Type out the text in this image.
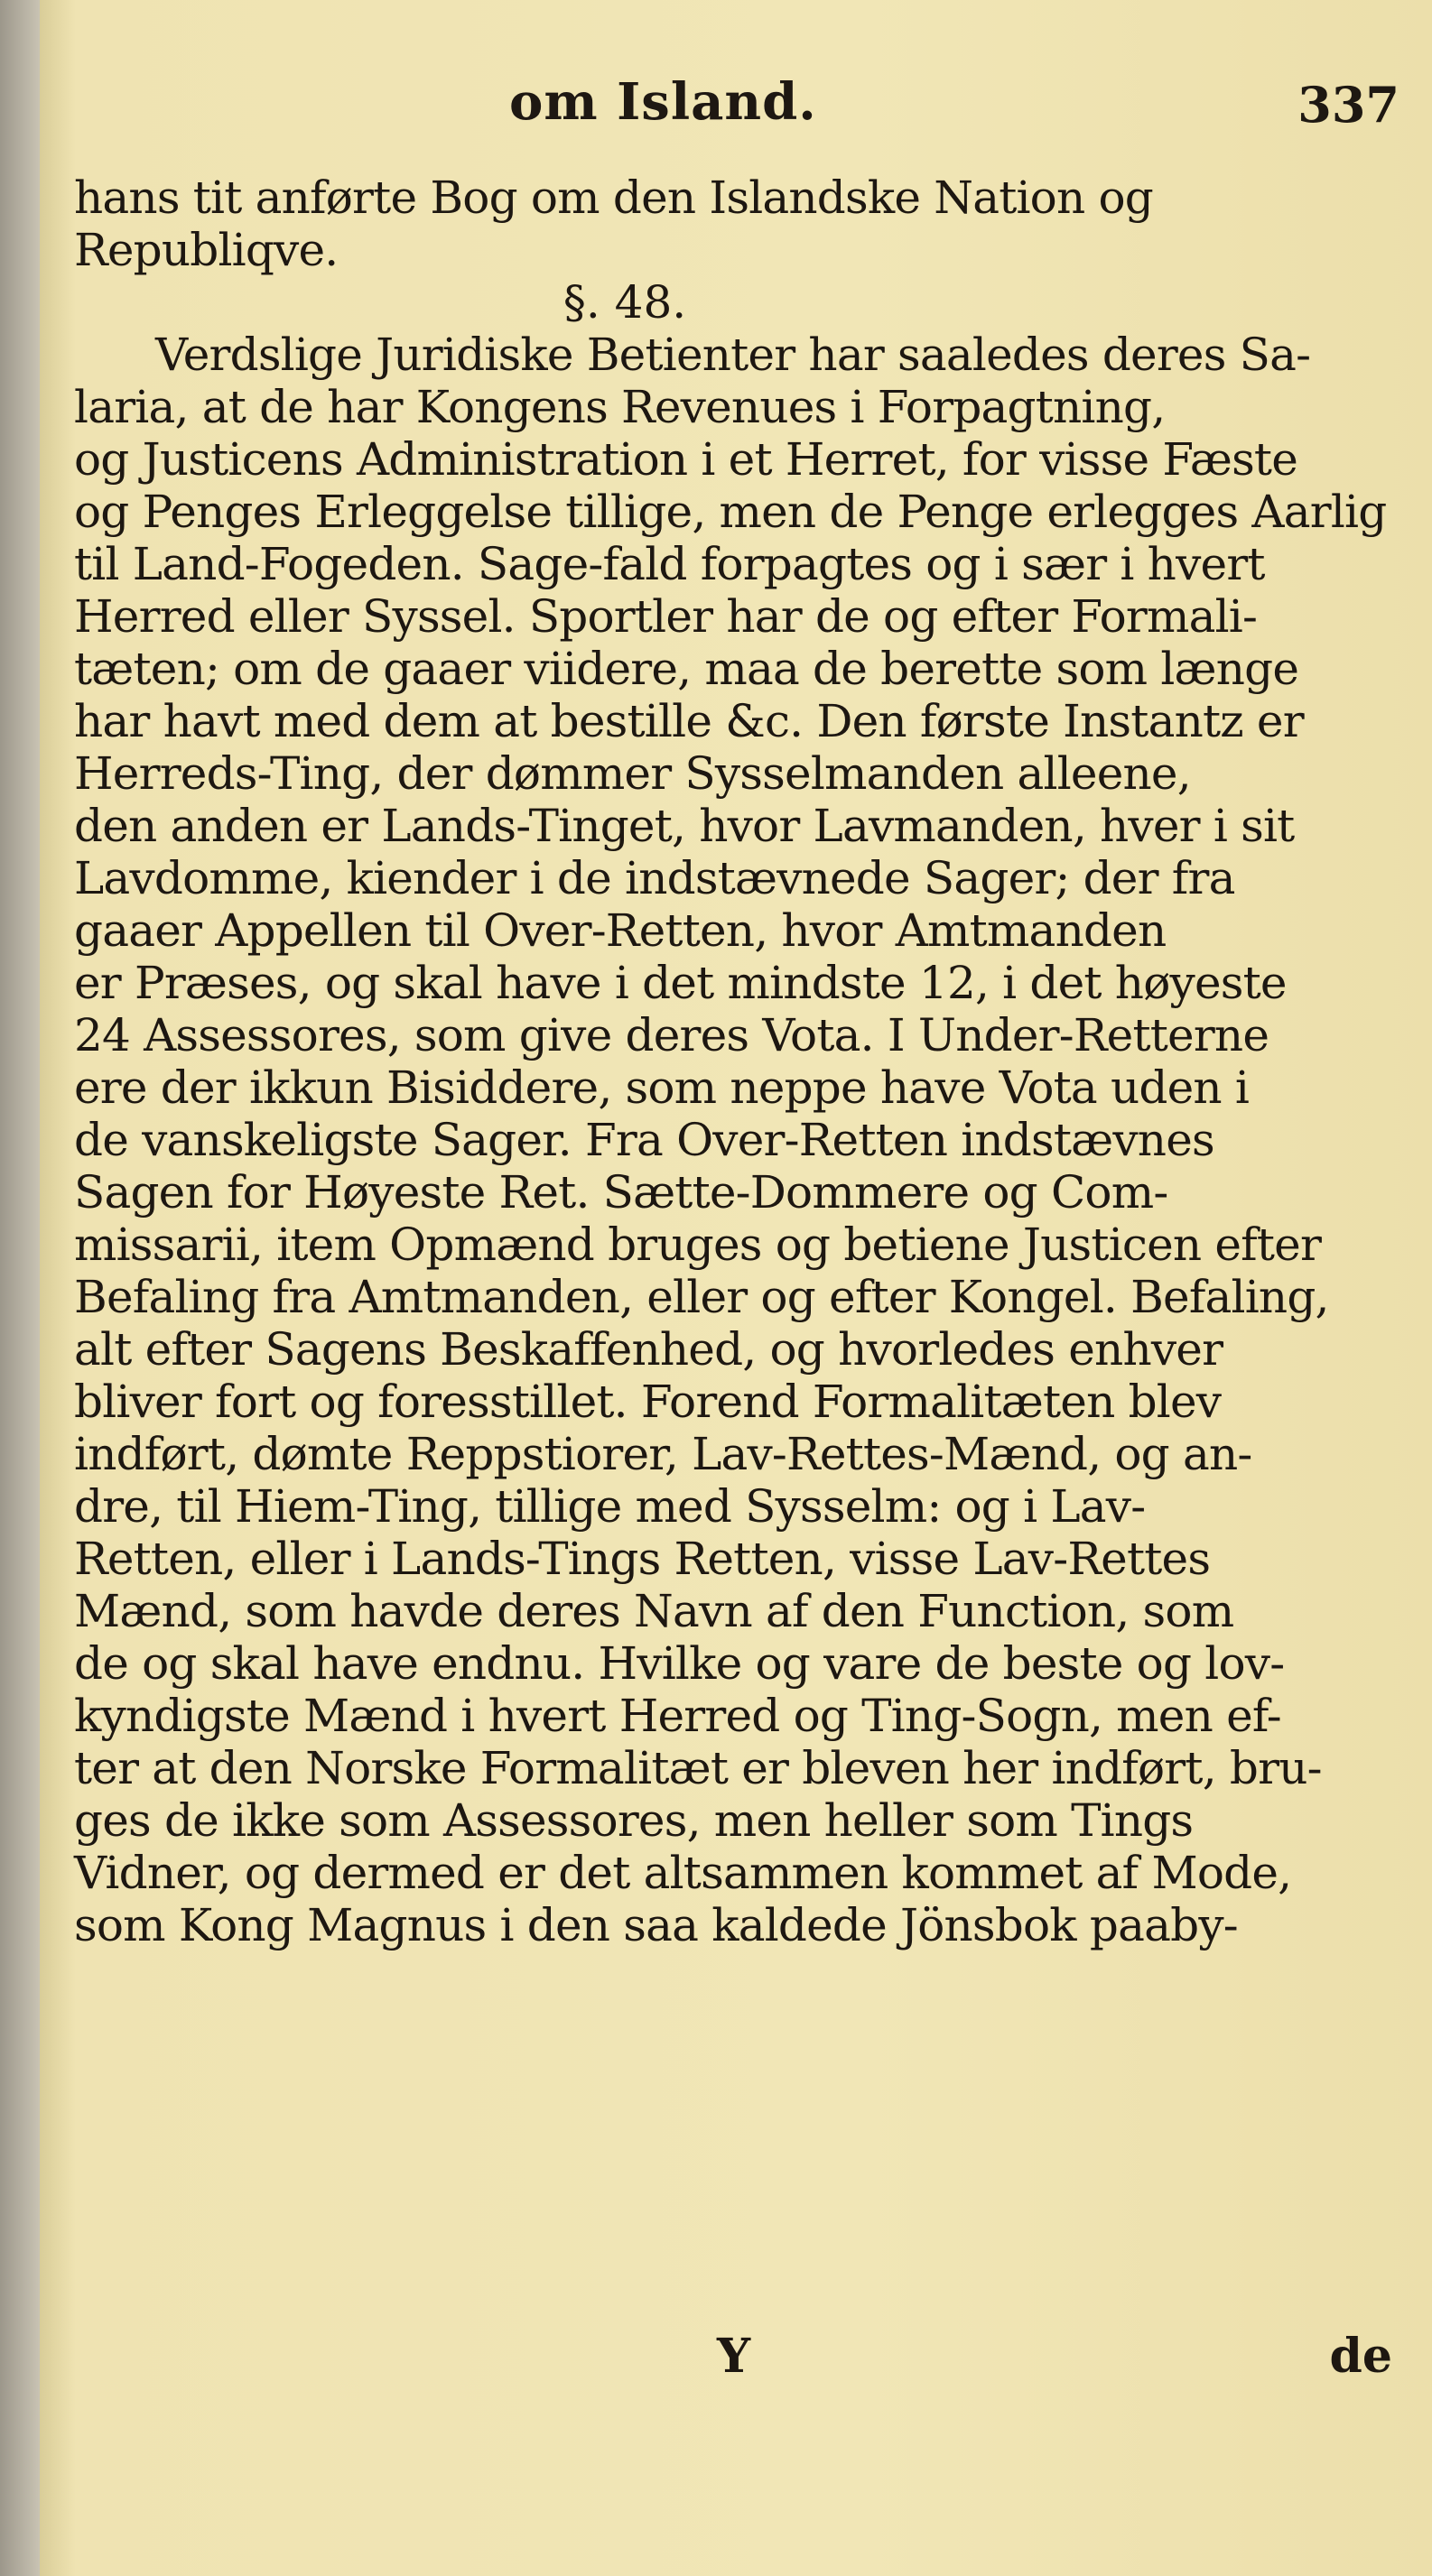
om Island.	337
hans tit anførte Bog om den Islandske Nation og
Republiqve.
§. 48.
Verdslige Juridiske Betienter har saaledes deres Sa-
laria, at de har Kongens Revenues i Forpagtning,
og Justicens Administration i et Herret, for visse Fæste
og Penges Erleggelse tillige, men de Penge erlegges Aarlig
til Land-Fogeden. Sage-fald forpagtes og i sær i hvert
Herred eller Syssel. Sportler har de og efter Formali-
tæten; om de gaaer viidere, maa de berette som længe
har havt med dem at bestille &c. Den første Instantz er
Herreds-Ting, der dømmer Sysselmanden alleene,
den anden er Lands-Tinget, hvor Lavmanden, hver i sit
Lavdomme, kiender i de indstævnede Sager; der fra
gaaer Appellen til Over-Retten, hvor Amtmanden
er Præses, og skal have i det mindste 12, i det høyeste
24 Assessores, som give deres Vota. I Under-Retterne
ere der ikkun Bisiddere, som neppe have Vota uden i
de vanskeligste Sager. Fra Over-Retten indstævnes
Sagen for Høyeste Ret. Sætte-Dommere og Com-
missarii, item Opmænd bruges og betiene Justicen efter
Befaling fra Amtmanden, eller og efter Kongel. Befaling,
alt efter Sagens Beskaffenhed, og hvorledes enhver
bliver fort og foresstillet. Forend Formalitæten blev
indført, dømte Reppstiorer, Lav-Rettes-Mænd, og an-
dre, til Hiem-Ting, tillige med Sysselm: og i Lav-
Retten, eller i Lands-Tings Retten, visse Lav-Rettes
Mænd, som havde deres Navn af den Function, som
de og skal have endnu. Hvilke og vare de beste og lov-
kyndigste Mænd i hvert Herred og Ting-Sogn, men ef-
ter at den Norske Formalitæt er bleven her indført, bru-
ges de ikke som Assessores, men heller som Tings
Vidner, og dermed er det altsammen kommet af Mode,
som Kong Magnus i den saa kaldede Jönsbok paaby-
Y	de
